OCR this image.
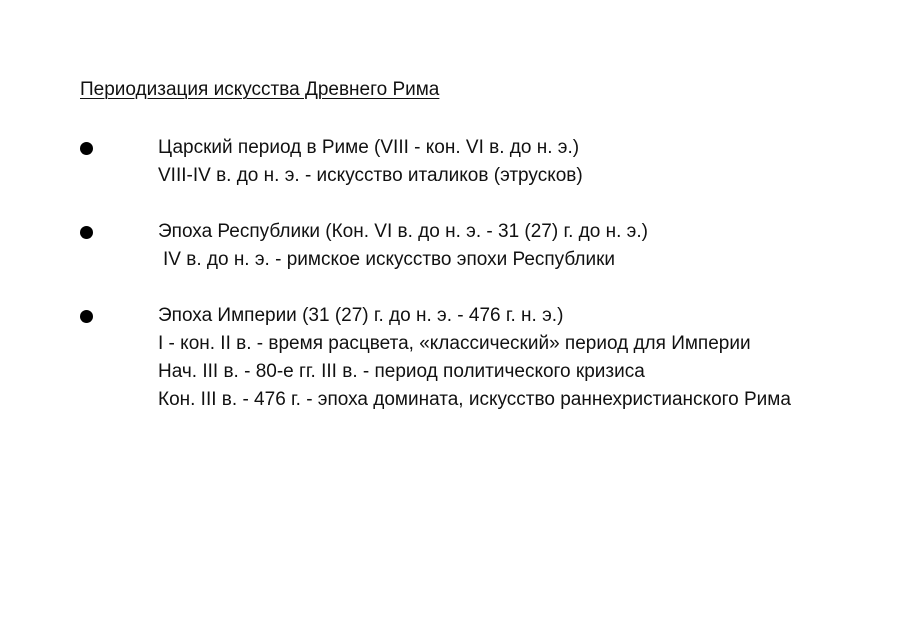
Периодизация искусства Древнего Рима
Царский период в Риме (VIII - кон. VI в. до н. э.)
VIII-IV в. до н. э. - искусство италиков (этрусков)
Эпоха Республики (Кон. VI в. до н. э. - 31 (27) г. до н. э.)
IV в. до н. э. - римское искусство эпохи Республики
Эпоха Империи (31 (27) г. до н. э. - 476 г. н. э.)
I - кон. II в. - время расцвета, «классический» период для Империи
Нач. III в. - 80-е гг. III в. - период политического кризиса
Кон. III в. - 476 г. - эпоха домината, искусство раннехристианского Рима
